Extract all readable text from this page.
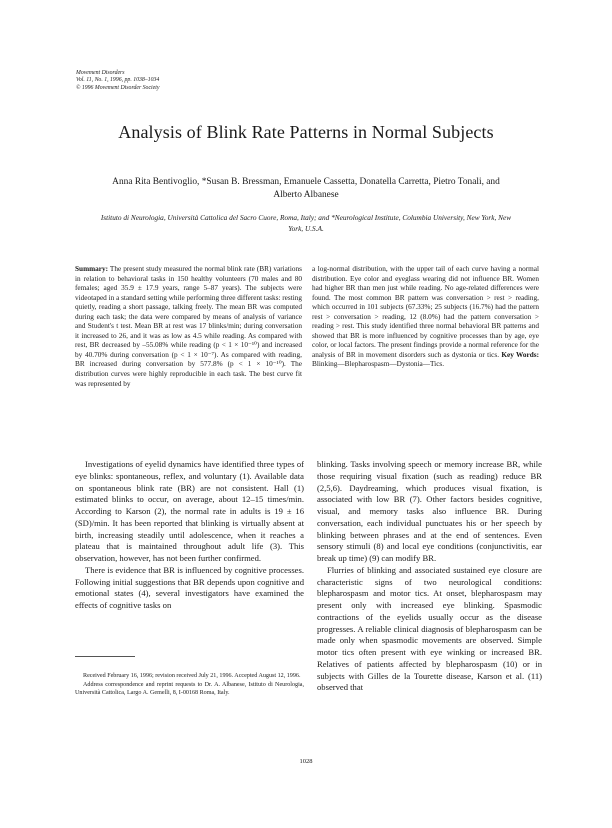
Movement Disorders
Vol. 11, No. 1, 1996, pp. 1038–1034
© 1996 Movement Disorder Society
Analysis of Blink Rate Patterns in Normal Subjects
Anna Rita Bentivoglio, *Susan B. Bressman, Emanuele Cassetta, Donatella Carretta, Pietro Tonali, and Alberto Albanese
Istituto di Neurologia, Università Cattolica del Sacro Cuore, Roma, Italy; and *Neurological Institute, Columbia University, New York, New York, U.S.A.
Summary: The present study measured the normal blink rate (BR) variations in relation to behavioral tasks in 150 healthy volunteers (70 males and 80 females; aged 35.9 ± 17.9 years, range 5–87 years). The subjects were videotaped in a standard setting while performing three different tasks: resting quietly, reading a short passage, talking freely. The mean BR was computed during each task; the data were compared by means of analysis of variance and Student's t test. Mean BR at rest was 17 blinks/min; during conversation it increased to 26, and it was as low as 4.5 while reading. As compared with rest, BR decreased by –55.08% while reading (p < 1 × 10⁻¹⁰) and increased by 40.70% during conversation (p < 1 × 10⁻⁷). As compared with reading, BR increased during conversation by 577.8% (p < 1 × 10⁻¹⁰). The distribution curves were highly reproducible in each task. The best curve fit was represented by
a log-normal distribution, with the upper tail of each curve having a normal distribution. Eye color and eyeglass wearing did not influence BR. Women had higher BR than men just while reading. No age-related differences were found. The most common BR pattern was conversation > rest > reading, which occurred in 101 subjects (67.33%; 25 subjects (16.7%) had the pattern rest > conversation > reading, 12 (8.0%) had the pattern conversation > reading > rest. This study identified three normal behavioral BR patterns and showed that BR is more influenced by cognitive processes than by age, eye color, or local factors. The present findings provide a normal reference for the analysis of BR in movement disorders such as dystonia or tics. Key Words: Blinking—Blepharospasm—Dystonia—Tics.

Investigations of eyelid dynamics have identified three types of eye blinks: spontaneous, reflex, and voluntary (1). Available data on spontaneous blink rate (BR) are not consistent. Hall (1) estimated blinks to occur, on average, about 12–15 times/min. According to Karson (2), the normal rate in adults is 19 ± 16 (SD)/min. It has been reported that blinking is virtually absent at birth, increasing steadily until adolescence, when it reaches a plateau that is maintained throughout adult life (3). This observation, however, has not been further confirmed.

There is evidence that BR is influenced by cognitive processes. Following initial suggestions that BR depends upon cognitive and emotional states (4), several investigators have examined the effects of cognitive tasks on

blinking. Tasks involving speech or memory increase BR, while those requiring visual fixation (such as reading) reduce BR (2,5,6). Daydreaming, which produces visual fixation, is associated with low BR (7). Other factors besides cognitive, visual, and memory tasks also influence BR. During conversation, each individual punctuates his or her speech by blinking between phrases and at the end of sentences. Even sensory stimuli (8) and local eye conditions (conjunctivitis, ear break up time) (9) can modify BR.

Flurries of blinking and associated sustained eye closure are characteristic signs of two neurological conditions: blepharospasm and motor tics. At onset, blepharospasm may present only with increased eye blinking. Spasmodic contractions of the eyelids usually occur as the disease progresses. A reliable clinical diagnosis of blepharospasm can be made only when spasmodic movements are observed. Simple motor tics often present with eye winking or increased BR. Relatives of patients affected by blepharospasm (10) or in subjects with Gilles de la Tourette disease, Karson et al. (11) observed that

Received February 16, 1996; revision received July 21, 1996. Accepted August 12, 1996.

Address correspondence and reprint requests to Dr. A. Albanese, Istituto di Neurologia, Università Cattolica, Largo A. Gemelli, 8, I-00168 Roma, Italy.

1028
